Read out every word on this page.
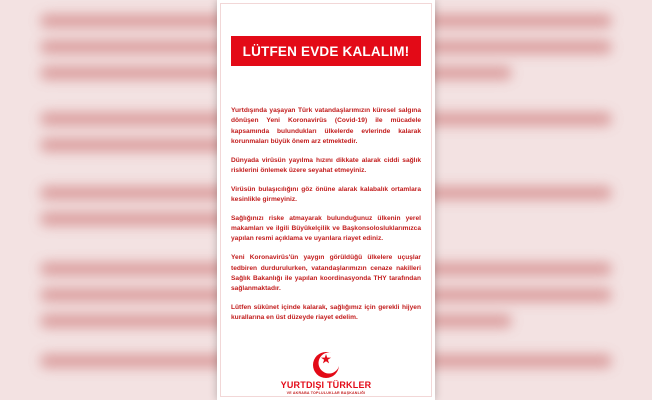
LÜTFEN EVDE KALALIM!

Yurtdışında yaşayan Türk vatandaşlarımızın küresel salgına dönüşen Yeni Koronavirüs (Covid-19) ile mücadele kapsamında bulundukları ülkelerde evlerinde kalarak korunmaları büyük önem arz etmektedir.

Dünyada virüsün yayılma hızını dikkate alarak ciddi sağlık risklerini önlemek üzere seyahat etmeyiniz.

Virüsün bulaşıcılığını göz önüne alarak kalabalık ortamlara kesinlikle girmeyiniz.

Sağlığınızı riske atmayarak bulunduğunuz ülkenin yerel makamları ve ilgili Büyükelçilik ve Başkonsolosluklarımızca yapılan resmi açıklama ve uyarılara riayet ediniz.

Yeni Koronavirüs'ün yaygın görüldüğü ülkelere uçuşlar tedbiren durdurulurken, vatandaşlarımızın cenaze nakilleri Sağlık Bakanlığı ile yapılan koordinasyonda THY tarafından sağlanmaktadır.

Lütfen sükûnet içinde kalarak, sağlığımız için gerekli hijyen kurallarına en üst düzeyde riayet edelim.

YURTDIŞI TÜRKLER
VE AKRABA TOPLULUKLAR BAŞKANLIĞI
